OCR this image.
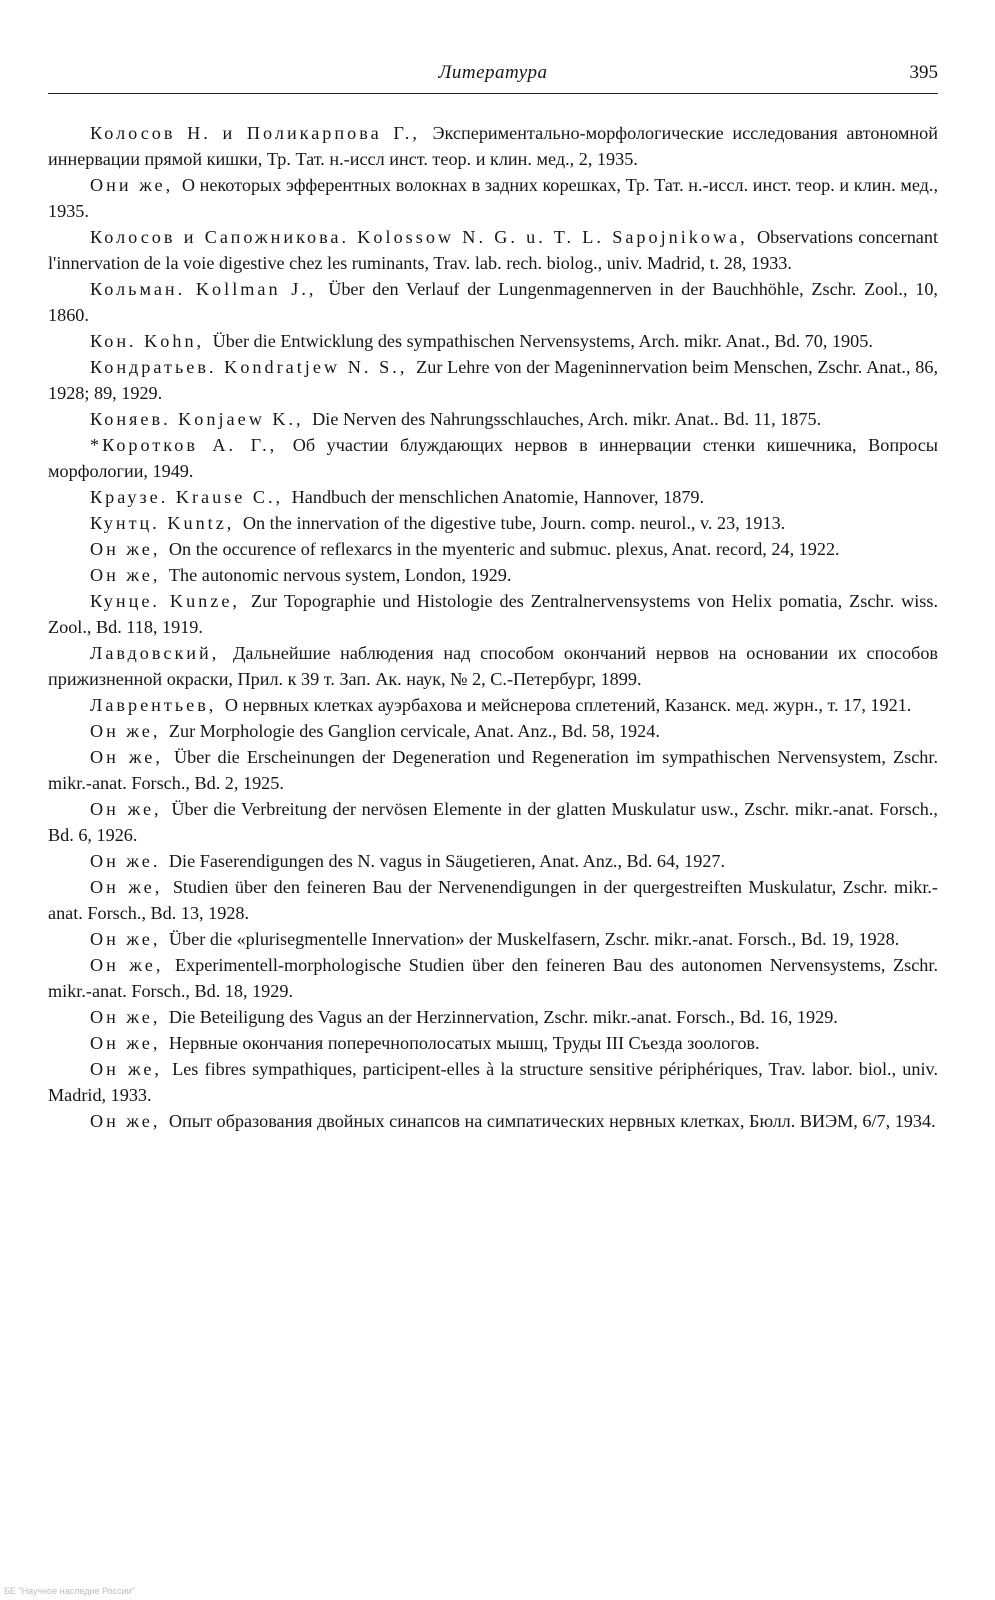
Литература	395

Колосов Н. и Поликарпова Г., Экспериментально-морфологические исследования автономной иннервации прямой кишки, Тр. Тат. н.-иссл инст. теор. и клин. мед., 2, 1935.

Они же, О некоторых эфферентных волокнах в задних корешках, Тр. Тат. н.-иссл. инст. теор. и клин. мед., 1935.

Колосов и Сапожникова. Kolossow N. G. u. T. L. Sapojnikowa, Observations concernant l'innervation de la voie digestive chez les ruminants, Trav. lab. rech. biolog., univ. Madrid, t. 28, 1933.

Кольман. Kollman J., Über den Verlauf der Lungenmagennerven in der Bauchhöhle, Zschr. Zool., 10, 1860.

Кон. Kohn, Über die Entwicklung des sympathischen Nervensystems, Arch. mikr. Anat., Bd. 70, 1905.

Кондратьев. Kondratjew N. S., Zur Lehre von der Mageninnervation beim Menschen, Zschr. Anat., 86, 1928; 89, 1929.

Коняев. Konjaew K., Die Nerven des Nahrungsschlauches, Arch. mikr. Anat.. Bd. 11, 1875.

*Коротков А. Г., Об участии блуждающих нервов в иннервации стенки кишечника, Вопросы морфологии, 1949.

Краузе. Krause C., Handbuch der menschlichen Anatomie, Hannover, 1879.

Кунтц. Kuntz, On the innervation of the digestive tube, Journ. comp. neurol., v. 23, 1913.

Он же, On the occurence of reflexarcs in the myenteric and submuc. plexus, Anat. record, 24, 1922.

Он же, The autonomic nervous system, London, 1929.

Кунце. Kunze, Zur Topographie und Histologie des Zentralnervensystems von Helix pomatia, Zschr. wiss. Zool., Bd. 118, 1919.

Лавдовский, Дальнейшие наблюдения над способом окончаний нервов на основании их способов прижизненной окраски, Прил. к 39 т. Зап. Ак. наук, № 2, С.-Петербург, 1899.

Лаврентьев, О нервных клетках ауэрбахова и мейснерова сплетений, Казанск. мед. журн., т. 17, 1921.

Он же, Zur Morphologie des Ganglion cervicale, Anat. Anz., Bd. 58, 1924.

Он же, Über die Erscheinungen der Degeneration und Regeneration im sympathischen Nervensystem, Zschr. mikr.-anat. Forsch., Bd. 2, 1925.

Он же, Über die Verbreitung der nervösen Elemente in der glatten Muskulatur usw., Zschr. mikr.-anat. Forsch., Bd. 6, 1926.

Он же. Die Faserendigungen des N. vagus in Säugetieren, Anat. Anz., Bd. 64, 1927.

Он же, Studien über den feineren Bau der Nervenendigungen in der quergestreiften Muskulatur, Zschr. mikr.-anat. Forsch., Bd. 13, 1928.

Он же, Über die «plurisegmentelle Innervation» der Muskelfasern, Zschr. mikr.-anat. Forsch., Bd. 19, 1928.

Он же, Experimentell-morphologische Studien über den feineren Bau des autonomen Nervensystems, Zschr. mikr.-anat. Forsch., Bd. 18, 1929.

Он же, Die Beteiligung des Vagus an der Herzinnervation, Zschr. mikr.-anat. Forsch., Bd. 16, 1929.

Он же, Нервные окончания поперечнополосатых мышц, Труды III Съезда зоологов.

Он же, Les fibres sympathiques, participent-elles à la structure sensitive périphériques, Trav. labor. biol., univ. Madrid, 1933.

Он же, Опыт образования двойных синапсов на симпатических нервных клетках, Бюлл. ВИЭМ, 6/7, 1934.

БЕ "Научное наследие России"
